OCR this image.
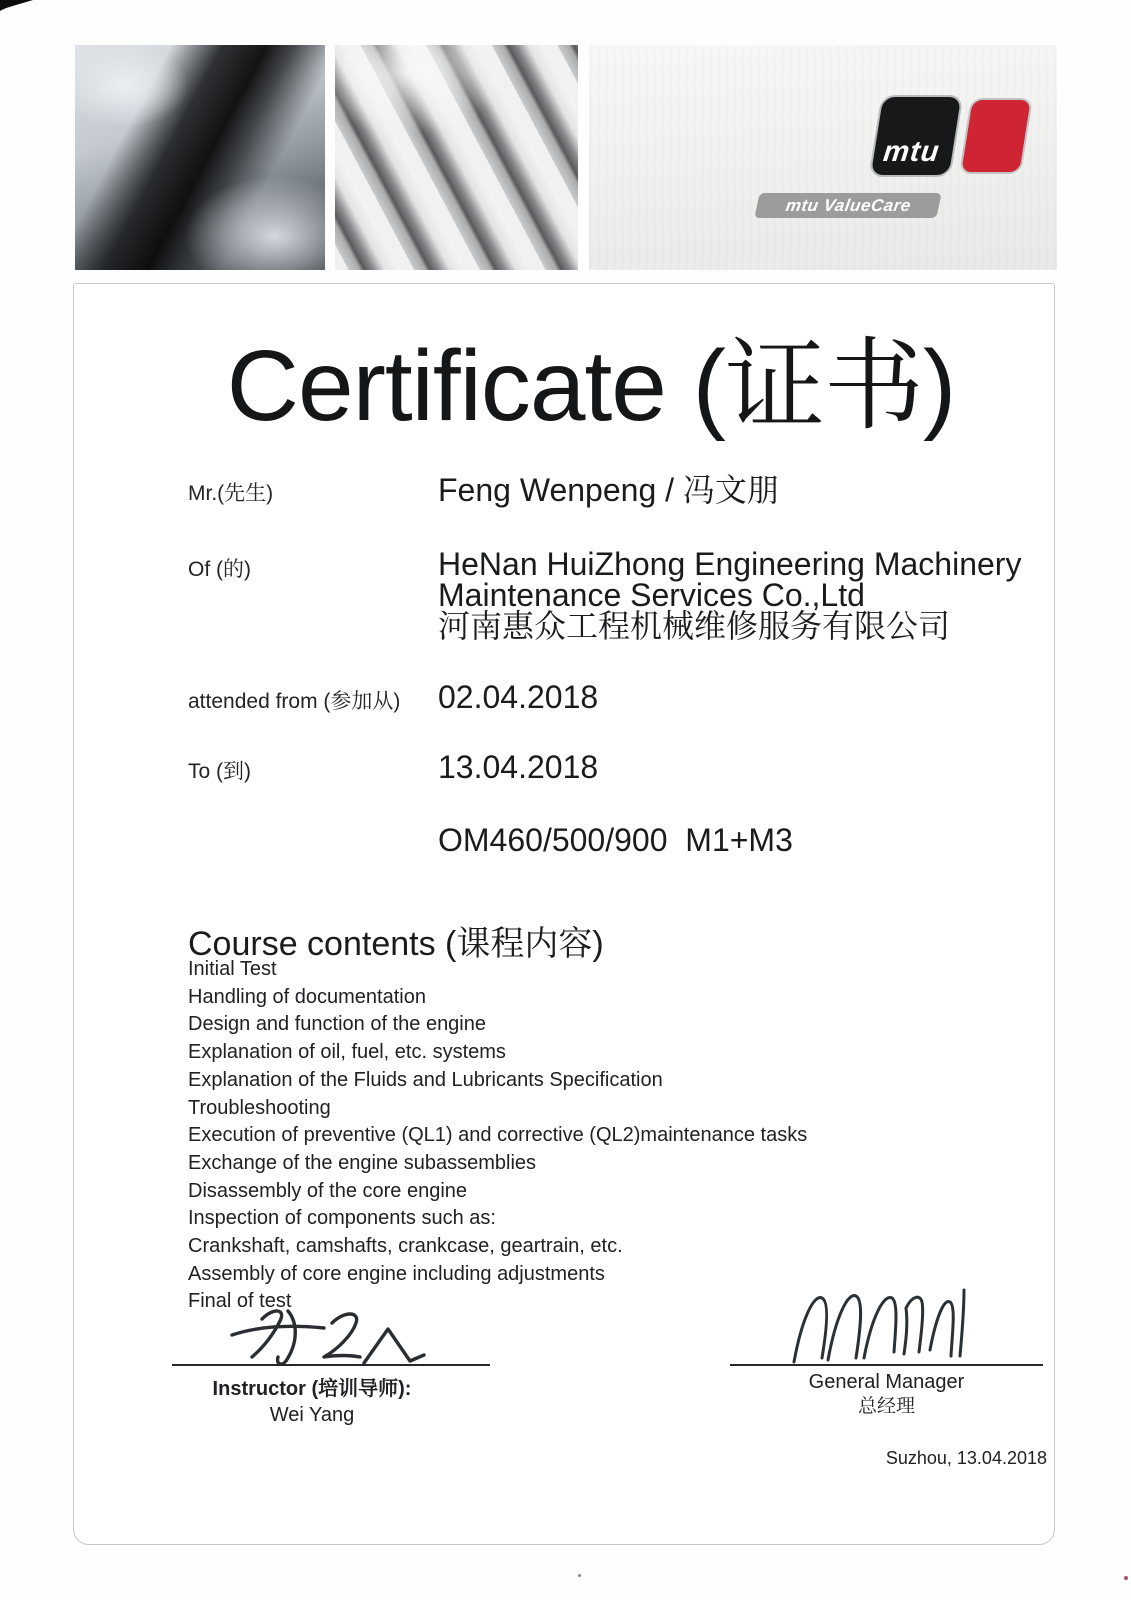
mtu
mtu ValueCare
Certificate (证书)
Mr.(先生)	Feng Wenpeng / 冯文朋
Of (的)	HeNan HuiZhong Engineering Machinery
Maintenance Services Co.,Ltd
河南惠众工程机械维修服务有限公司
attended from (参加从) 02.04.2018
To (到)	13.04.2018
OM460/500/900  M1+M3
Course contents (课程内容)
Initial Test
Handling of documentation
Design and function of the engine
Explanation of oil, fuel, etc. systems
Explanation of the Fluids and Lubricants Specification
Troubleshooting
Execution of preventive (QL1) and corrective (QL2)maintenance tasks
Exchange of the engine subassemblies
Disassembly of the core engine
Inspection of components such as:
Crankshaft, camshafts, crankcase, geartrain, etc.
Assembly of core engine including adjustments
Final of test
Instructor (培训导师):
Wei Yang
General Manager
总经理
Suzhou, 13.04.2018
